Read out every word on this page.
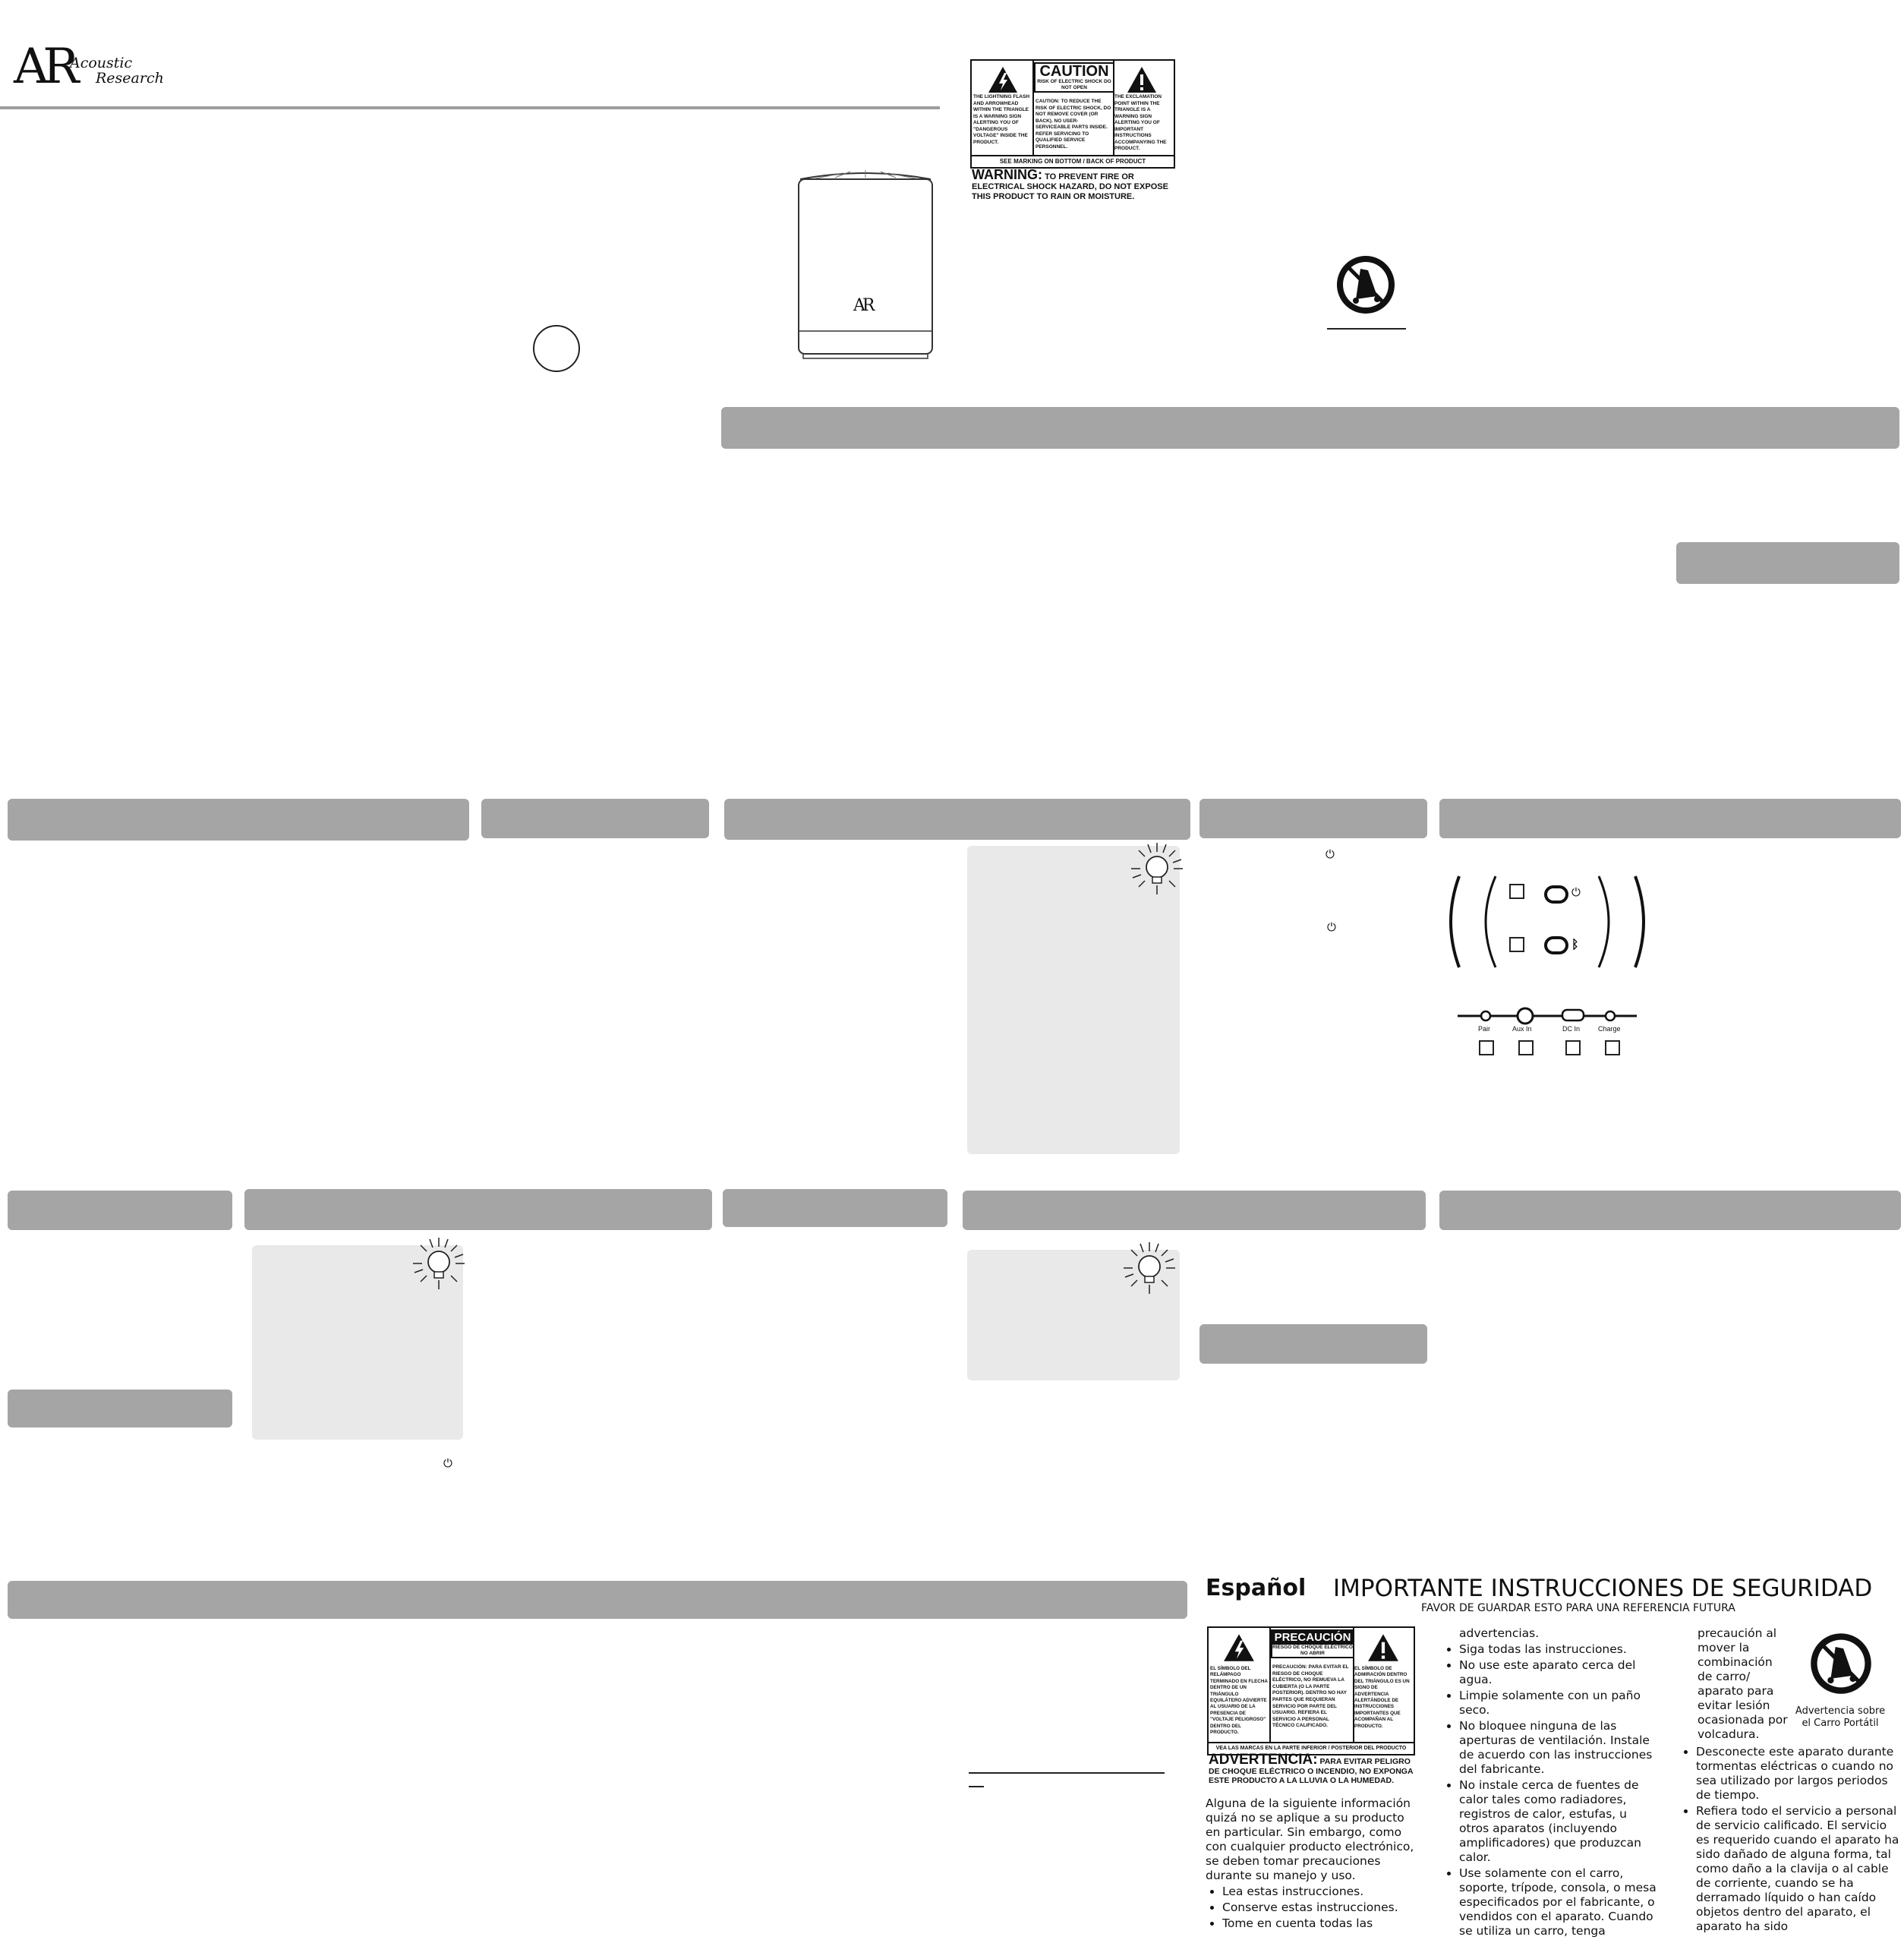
AR
Acoustic
Research
AR
CAUTION
RISK OF ELECTRIC SHOCK DO NOT OPEN
THE LIGHTNING FLASH AND ARROWHEAD WITHIN THE TRIANGLE IS A WARNING SIGN ALERTING YOU OF "DANGEROUS VOLTAGE" INSIDE THE PRODUCT.
CAUTION: TO REDUCE THE RISK OF ELECTRIC SHOCK, DO NOT REMOVE COVER (OR BACK). NO USER-SERVICEABLE PARTS INSIDE. REFER SERVICING TO QUALIFIED SERVICE PERSONNEL.
THE EXCLAMATION POINT WITHIN THE TRIANGLE IS A WARNING SIGN ALERTING YOU OF IMPORTANT INSTRUCTIONS ACCOMPANYING THE PRODUCT.
SEE MARKING ON BOTTOM / BACK OF PRODUCT
WARNING: TO PREVENT FIRE OR ELECTRICAL SHOCK HAZARD, DO NOT EXPOSE THIS PRODUCT TO RAIN OR MOISTURE.
⏻
⏻
⏻
⏻
ᛒ
Pair	Aux In	DC In	Charge
Español IMPORTANTE INSTRUCCIONES DE SEGURIDAD
FAVOR DE GUARDAR ESTO PARA UNA REFERENCIA FUTURA
PRECAUCIÓN
RIESGO DE CHOQUE ELÉCTRICO NO ABRIR
EL SÍMBOLO DEL RELÁMPAGO TERMINADO EN FLECHA DENTRO DE UN TRIÁNGULO EQUILÁTERO ADVIERTE AL USUARIO DE LA PRESENCIA DE "VOLTAJE PELIGROSO" DENTRO DEL PRODUCTO.
PRECAUCIÓN: PARA EVITAR EL RIESGO DE CHOQUE ELÉCTRICO, NO REMUEVA LA CUBIERTA (O LA PARTE POSTERIOR). DENTRO NO HAY PARTES QUE REQUIERAN SERVICIO POR PARTE DEL USUARIO. REFIERA EL SERVICIO A PERSONAL TÉCNICO CALIFICADO.
EL SÍMBOLO DE ADMIRACIÓN DENTRO DEL TRIÁNGULO ES UN SIGNO DE ADVERTENCIA ALERTÁNDOLE DE INSTRUCCIONES IMPORTANTES QUE ACOMPAÑAN AL PRODUCTO.
VEA LAS MARCAS EN LA PARTE INFERIOR / POSTERIOR DEL PRODUCTO
ADVERTENCIA: PARA EVITAR PELIGRO DE CHOQUE ELÉCTRICO O INCENDIO, NO EXPONGA ESTE PRODUCTO A LA LLUVIA O LA HUMEDAD.
Alguna de la siguiente información quizá no se aplique a su producto en particular. Sin embargo, como con cualquier producto electrónico, se deben tomar precauciones durante su manejo y uso.
• Lea estas instrucciones.
• Conserve estas instrucciones.
• Tome en cuenta todas las
advertencias.
• Siga todas las instrucciones.
• No use este aparato cerca del agua.
• Limpie solamente con un paño seco.
• No bloquee ninguna de las aperturas de ventilación. Instale de acuerdo con las instrucciones del fabricante.
• No instale cerca de fuentes de calor tales como radiadores, registros de calor, estufas, u otros aparatos (incluyendo amplificadores) que produzcan calor.
• Use solamente con el carro, soporte, trípode, consola, o mesa especificados por el fabricante, o vendidos con el aparato. Cuando se utiliza un carro, tenga
precaución al mover la combinación de carro/ aparato para evitar lesión ocasionada por volcadura.
Advertencia sobre el Carro Portátil
• Desconecte este aparato durante tormentas eléctricas o cuando no sea utilizado por largos periodos de tiempo.
• Refiera todo el servicio a personal de servicio calificado. El servicio es requerido cuando el aparato ha sido dañado de alguna forma, tal como daño a la clavija o al cable de corriente, cuando se ha derramado líquido o han caído objetos dentro del aparato, el aparato ha sido
